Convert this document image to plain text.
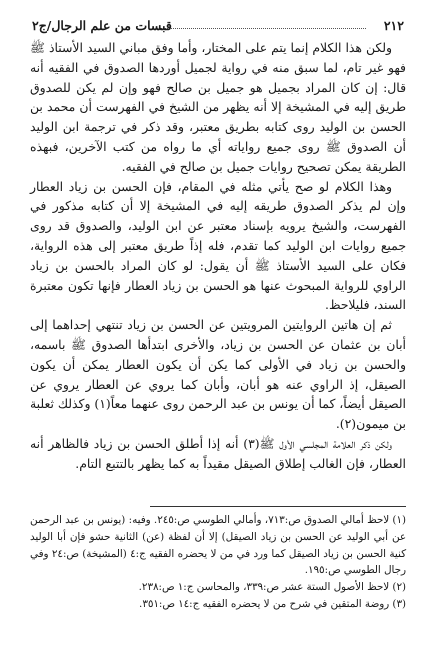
٢١٢
قبسات من علم الرجال/ج٢

ولكن هذا الكلام إنما يتم على المختار، وأما وفق مباني السيد الأستاذ ﷺ فهو غير تام، لما سبق منه في رواية لجميل أوردها الصدوق في الفقيه أنه قال: إن كان المراد بجميل هو جميل بن صالح فهو وإن لم يكن للصدوق طريق إليه في المشيخة إلا أنه يظهر من الشيخ في الفهرست أن محمد بن الحسن بن الوليد روى كتابه بطريق معتبر، وقد ذكر في ترجمة ابن الوليد أن الصدوق ﷺ روى جميع رواياته أي ما رواه من كتب الآخرين، فبهذه الطريقة يمكن تصحيح روايات جميل بن صالح في الفقيه.

وهذا الكلام لو صح يأتي مثله في المقام، فإن الحسن بن زياد العطار وإن لم يذكر الصدوق طريقه إليه في المشيخة إلا أن كتابه مذكور في الفهرست، والشيخ يرويه بإسناد معتبر عن ابن الوليد، والصدوق قد روى جميع روايات ابن الوليد كما تقدم، فله إذاً طريق معتبر إلى هذه الرواية، فكان على السيد الأستاذ ﷺ أن يقول: لو كان المراد بالحسن بن زياد الراوي للرواية المبحوث عنها هو الحسن بن زياد العطار فإنها تكون معتبرة السند، فليلاحظ.

ثم إن هاتين الروايتين المرويتين عن الحسن بن زياد تنتهي إحداهما إلى أبان بن عثمان عن الحسن بن زياد، والأخرى ابتدأها الصدوق ﷺ باسمه، والحسن بن زياد في الأولى كما يكن أن يكون العطار يمكن أن يكون الصيقل، إذ الراوي عنه هو أبان، وأبان كما يروي عن العطار يروي عن الصيقل أيضاً، كما أن يونس بن عبد الرحمن روى عنهما معاً(١) وكذلك ثعلبة بن ميمون(٢).

ولكن ذكر العلامة المجلسي الأول ﷺ(٣) أنه إذا أطلق الحسن بن زياد فالظاهر أنه العطار، فإن الغالب إطلاق الصيقل مقيداً به كما يظهر بالتتبع التام.

(١) لاحظ أمالي الصدوق ص:٧١٣، وأمالي الطوسي ص:٢٤٥. وفيه: (يونس بن عبد الرحمن عن أبي الوليد عن الحسن بن زياد الصيقل) إلا أن لفظة (عن) الثانية حشو فإن أبا الوليد كنية الحسن بن زياد الصيقل كما ورد في من لا يحضره الفقيه ج:٤ (المشيخة) ص:٢٤ وفي رجال الطوسي ص:١٩٥.

(٢) لاحظ الأصول الستة عشر ص:٣٣٩، والمحاسن ج:١ ص:٢٣٨.

(٣) روضة المتقين في شرح من لا يحضره الفقيه ج:١٤ ص:٣٥١.
